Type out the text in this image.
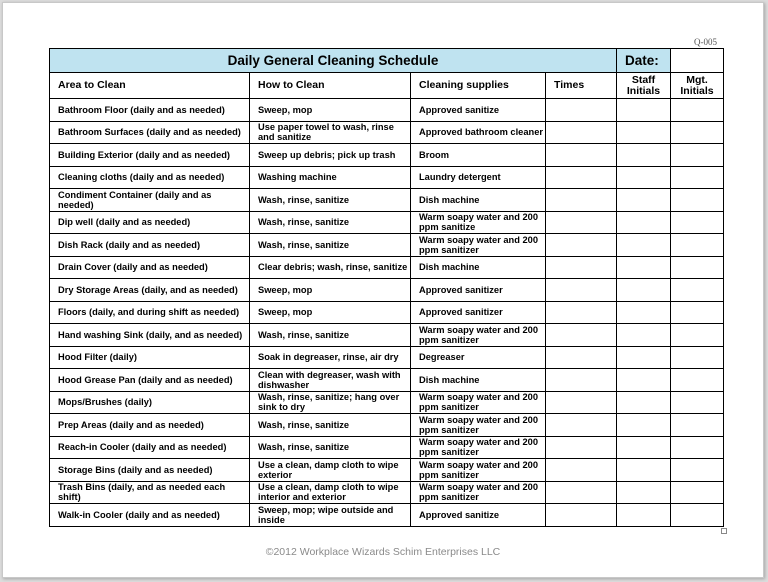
Q-005
Daily General Cleaning Schedule				Date:	
Area to Clean	How to Clean	Cleaning supplies	Times	Staff Initials	Mgt. Initials
Bathroom Floor (daily and as needed)	Sweep, mop	Approved sanitize			
Bathroom Surfaces (daily and as needed)	Use paper towel to wash, rinse and sanitize	Approved bathroom cleaner			
Building Exterior (daily and as needed)	Sweep up debris; pick up trash	Broom			
Cleaning cloths (daily and as needed)	Washing machine	Laundry detergent			
Condiment Container (daily and as needed)	Wash, rinse, sanitize	Dish machine			
Dip well (daily and as needed)	Wash, rinse, sanitize	Warm soapy water and 200 ppm sanitize			
Dish Rack (daily and as needed)	Wash, rinse, sanitize	Warm soapy water and 200 ppm sanitizer			
Drain Cover (daily and as needed)	Clear debris; wash, rinse, sanitize	Dish machine			
Dry Storage Areas (daily, and as needed)	Sweep, mop	Approved sanitizer			
Floors (daily, and during shift as needed)	Sweep, mop	Approved sanitizer			
Hand washing Sink (daily, and as needed)	Wash, rinse, sanitize	Warm soapy water and 200 ppm sanitizer			
Hood Filter (daily)	Soak in degreaser, rinse, air dry	Degreaser			
Hood Grease Pan (daily and as needed)	Clean with degreaser, wash with dishwasher	Dish machine			
Mops/Brushes (daily)	Wash, rinse, sanitize; hang over sink to dry	Warm soapy water and 200 ppm sanitizer			
Prep Areas (daily and as needed)	Wash, rinse, sanitize	Warm soapy water and 200 ppm sanitizer			
Reach-in Cooler (daily and as needed)	Wash, rinse, sanitize	Warm soapy water and 200 ppm sanitizer			
Storage Bins (daily and as needed)	Use a clean, damp cloth to wipe exterior	Warm soapy water and 200 ppm sanitizer			
Trash Bins (daily, and as needed each shift)	Use a clean, damp cloth to wipe interior and exterior	Warm soapy water and 200 ppm sanitizer			
Walk-in Cooler (daily and as needed)	Sweep, mop; wipe outside and inside	Approved sanitize			
©2012 Workplace Wizards Schim Enterprises LLC
